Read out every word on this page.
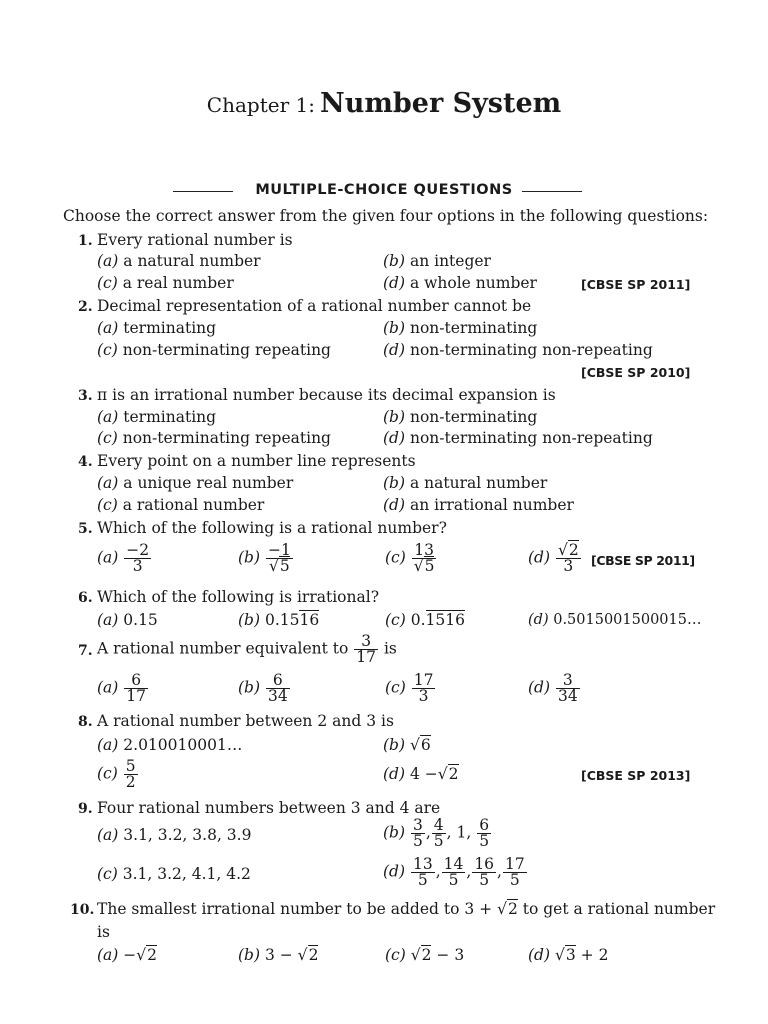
Chapter 1: Number System
MULTIPLE-CHOICE QUESTIONS
Choose the correct answer from the given four options in the following questions:
1. Every rational number is
(a) a natural number	(b) an integer
(c) a real number	(d) a whole number	[CBSE SP 2011]
2. Decimal representation of a rational number cannot be
(a) terminating	(b) non-terminating
(c) non-terminating repeating	(d) non-terminating non-repeating
[CBSE SP 2010]
3. π is an irrational number because its decimal expansion is
(a) terminating	(b) non-terminating
(c) non-terminating repeating	(d) non-terminating non-repeating
4. Every point on a number line represents
(a) a unique real number	(b) a natural number
(c) a rational number	(d) an irrational number
5. Which of the following is a rational number?
$(a) \frac{-2}{3}$	$(b) \frac{-1}{√5}$	$(c) \frac{13}{√5}$	$(d) \frac{√2}{3}$ [CBSE SP 2011]
6. Which of the following is irrational?
(a) 0.15	(b) 0.1516	(c) 0.1516	(d) 0.5015001500015…
7. A rational number equivalent to $\frac{3}{17}$ is
$(a) \frac{6}{17}$	$(b) \frac{6}{34}$	$(c) \frac{17}{3}$	$(d) \frac{3}{34}$
8. A rational number between 2 and 3 is
(a) 2.010010001…	(b) √6
$(c) \frac{5}{2}$	(d) 4 −√2	[CBSE SP 2013]
9. Four rational numbers between 3 and 4 are
(a) 3.1, 3.2, 3.8, 3.9	$(b) \frac{3}{5}$ , $\frac{4}{5}$ , 1, $\frac{6}{5}$
(c) 3.1, 3.2, 4.1, 4.2	$(d) \frac{13}{5}$ , $\frac{14}{5}$ , $\frac{16}{5}$ , $\frac{17}{5}$
10. The smallest irrational number to be added to 3 + √2 to get a rational number
is
(a) −√2	(b) 3 − √2	(c) √2 − 3	(d) √3 + 2
